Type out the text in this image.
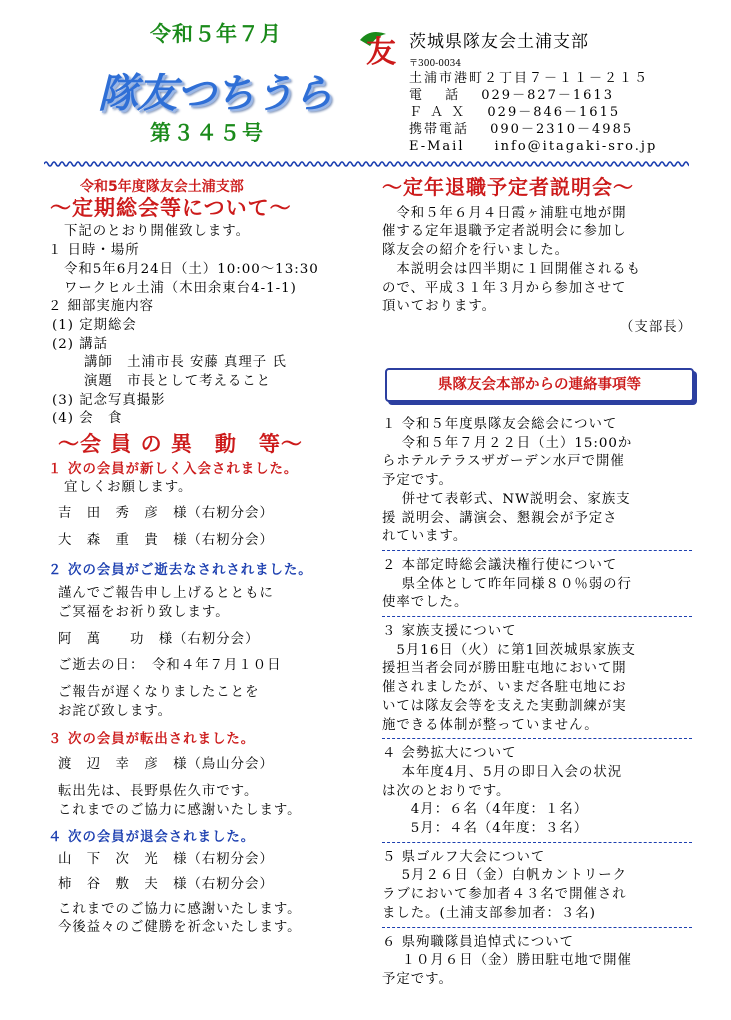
令和５年７月
隊友つちうら
第３４５号
友 茨城県隊友会土浦支部
〒300-0034
土浦市港町２丁目７－１１－２１５
電　 話　 029－827－1613
Ｆ Ａ Ｘ　 029－846－1615
携帯電話　 090－2310－4985
E-Mail　　info@itagaki-sro.jp
令和5年度隊友会土浦支部
～定期総会等について～
下記のとおり開催致します。
１ 日時・場所
令和5年6月24日（土）10:00～13:30
ワークヒル土浦（木田余東台4-1-1)
２ 細部実施内容
(1) 定期総会
(2) 講話
講師　土浦市長 安藤 真理子 氏
演題　市長として考えること
(3) 記念写真撮影
(4) 会　食
～会 員 の 異　動　等～
１ 次の会員が新しく入会されました。
宜しくお願します。
吉　田　秀　彦　様（右籾分会）
大　森　重　貴　様（右籾分会）
２ 次の会員がご逝去なされされました。
謹んでご報告申し上げるとともに
ご冥福をお祈り致します。
阿　萬　　功　様（右籾分会）
ご逝去の日：　令和４年７月１０日
ご報告が遅くなりましたことを
お詫び致します。
３ 次の会員が転出されました。
渡　辺　幸　彦　様（鳥山分会）
転出先は、長野県佐久市です。
これまでのご協力に感謝いたします。
４ 次の会員が退会されました。
山　下　次　光　様（右籾分会）
柿　谷　敷　夫　様（右籾分会）
これまでのご協力に感謝いたします。
今後益々のご健勝を祈念いたします。
～定年退職予定者説明会～
　令和５年６月４日霞ヶ浦駐屯地が開
催する定年退職予定者説明会に参加し
隊友会の紹介を行いました。
　本説明会は四半期に１回開催されるも
ので、平成３１年３月から参加させて
頂いております。
（支部長）
県隊友会本部からの連絡事項等
１ 令和５年度県隊友会総会について
　 令和５年７月２２日（土）15:00か
らホテルテラスザガーデン水戸で開催
予定です。
　 併せて表彰式、NW説明会、家族支
援 説明会、講演会、懇親会が予定さ
れています。
２ 本部定時総会議決権行使について
　 県全体として昨年同様８０％弱の行
使率でした。
３ 家族支援について
　5月16日（火）に第1回茨城県家族支
援担当者会同が勝田駐屯地において開
催されましたが、いまだ各駐屯地にお
いては隊友会等を支えた実動訓練が実
施できる体制が整っていません。
４ 会勢拡大について
　 本年度4月、5月の即日入会の状況
は次のとおりです。
　　4月：６名（4年度：１名）
　　5月：４名（4年度：３名）
５ 県ゴルフ大会について
　 5月２６日（金）白帆カントリーク
ラブにおいて参加者４３名で開催され
ました。(土浦支部参加者：３名)
６ 県殉職隊員追悼式について
　 １０月６日（金）勝田駐屯地で開催
予定です。
